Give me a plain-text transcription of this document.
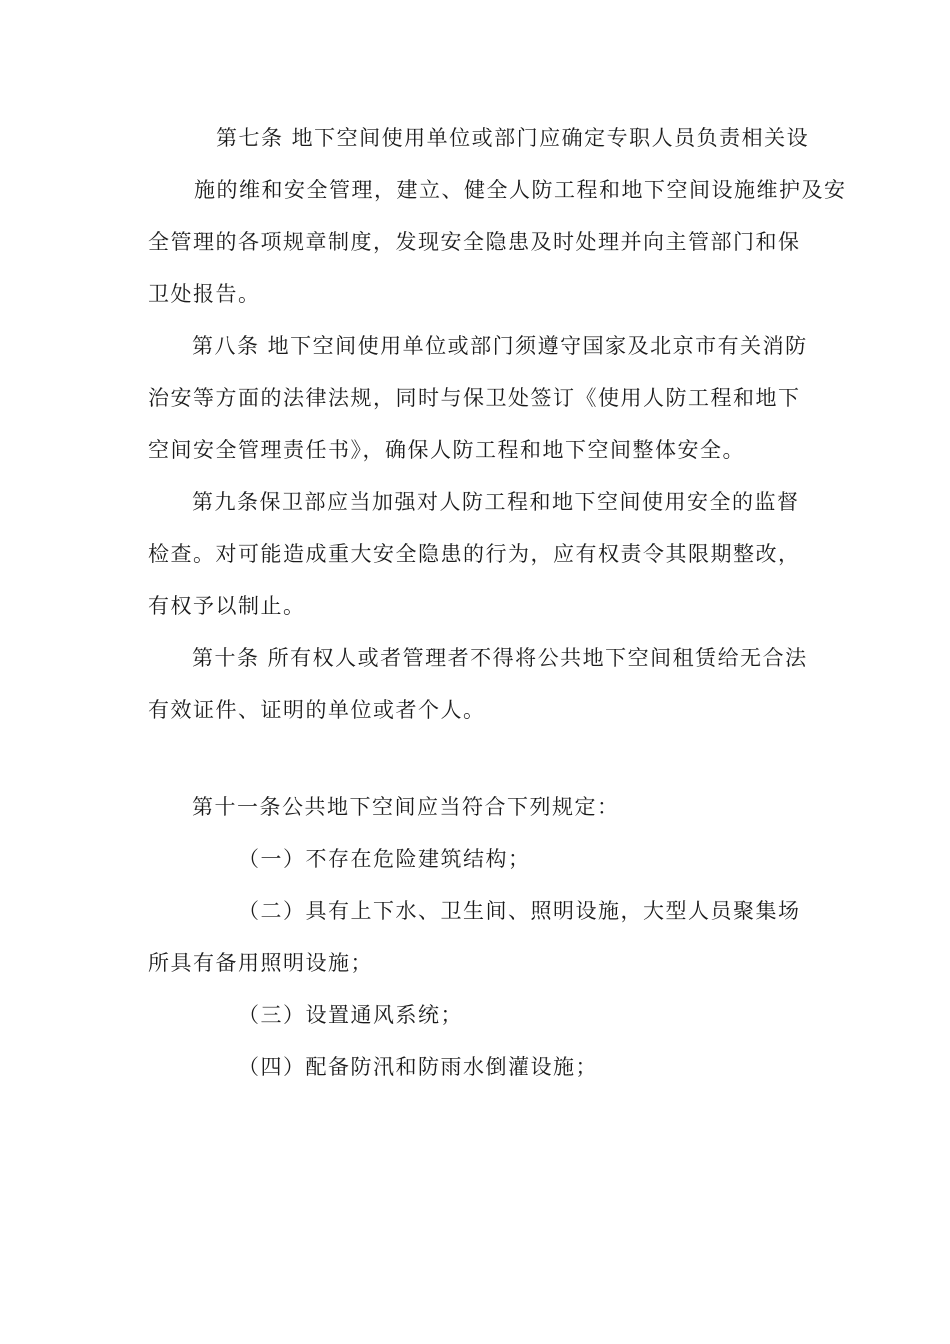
第七条 地下空间使用单位或部门应确定专职人员负责相关设
施的维和安全管理，建立、健全人防工程和地下空间设施维护及安
全管理的各项规章制度，发现安全隐患及时处理并向主管部门和保
卫处报告。
第八条 地下空间使用单位或部门须遵守国家及北京市有关消防
治安等方面的法律法规，同时与保卫处签订《使用人防工程和地下
空间安全管理责任书》，确保人防工程和地下空间整体安全。
第九条保卫部应当加强对人防工程和地下空间使用安全的监督
检查。对可能造成重大安全隐患的行为，应有权责令其限期整改，
有权予以制止。
第十条 所有权人或者管理者不得将公共地下空间租赁给无合法
有效证件、证明的单位或者个人。
第十一条公共地下空间应当符合下列规定：
（一）不存在危险建筑结构；
（二）具有上下水、卫生间、照明设施，大型人员聚集场
所具有备用照明设施；
（三）设置通风系统；
（四）配备防汛和防雨水倒灌设施；
